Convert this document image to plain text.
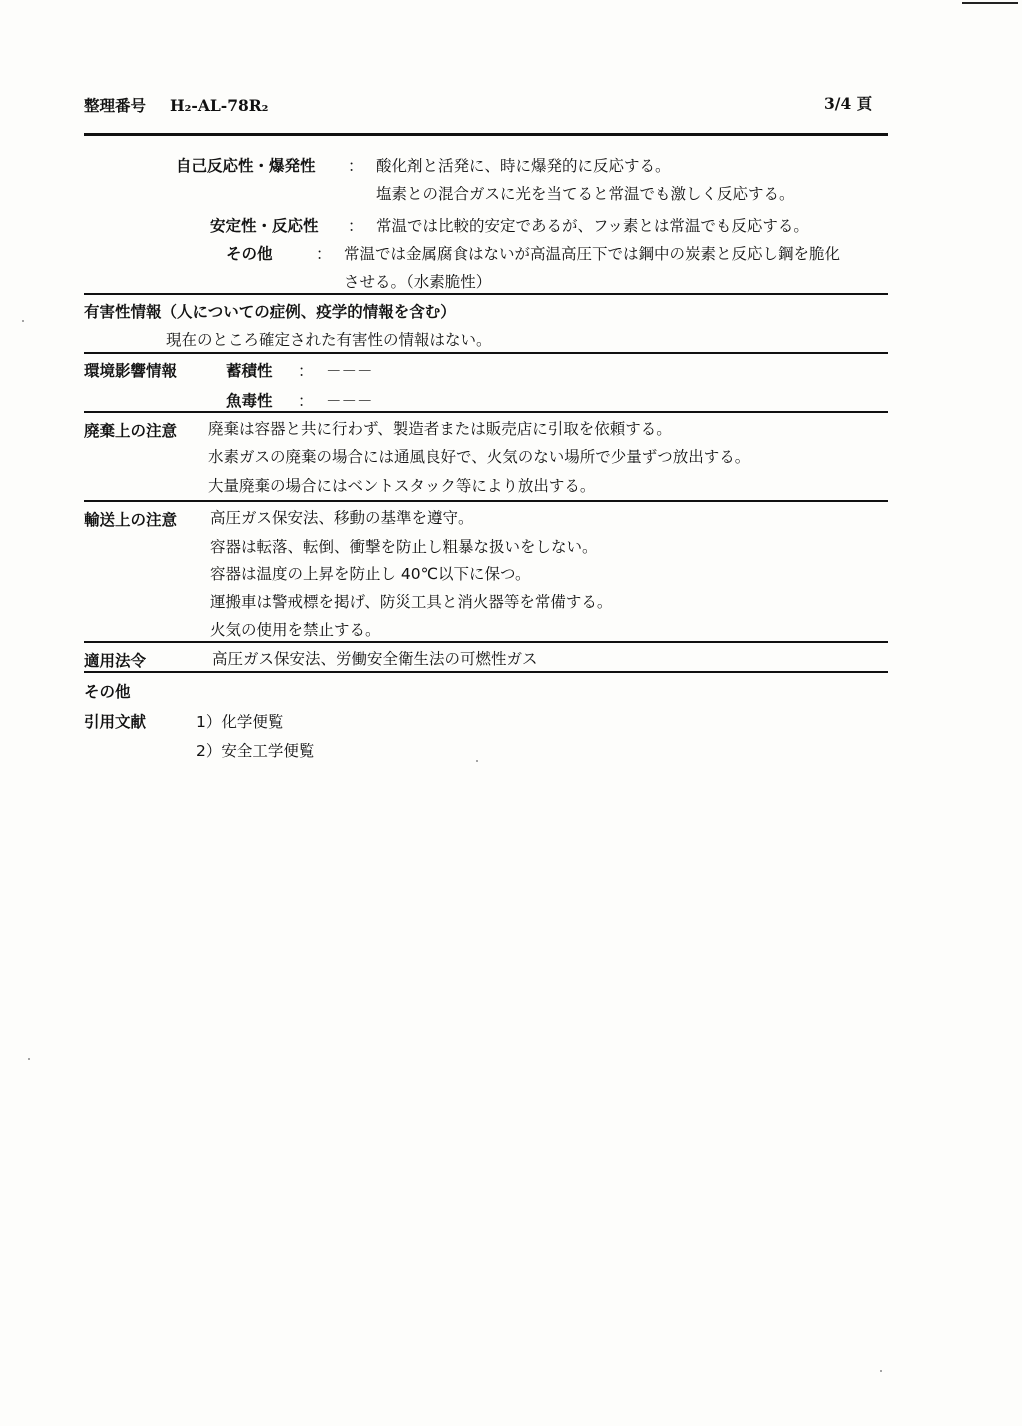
整理番号 H₂-AL-78R₂	3/4 頁
自己反応性・爆発性 ： 酸化剤と活発に、時に爆発的に反応する。
塩素との混合ガスに光を当てると常温でも激しく反応する。
安定性・反応性 ： 常温では比較的安定であるが、フッ素とは常温でも反応する。
その他	： 常温では金属腐食はないが高温高圧下では鋼中の炭素と反応し鋼を脆化
させる。（水素脆性）
有害性情報（人についての症例、疫学的情報を含む）
現在のところ確定された有害性の情報はない。
環境影響情報	蓄積性 ： －－－
魚毒性 ： －－－
廃棄上の注意 廃棄は容器と共に行わず、製造者または販売店に引取を依頼する。
水素ガスの廃棄の場合には通風良好で、火気のない場所で少量ずつ放出する。
大量廃棄の場合にはベントスタック等により放出する。
輸送上の注意 高圧ガス保安法、移動の基準を遵守。
容器は転落、転倒、衝撃を防止し粗暴な扱いをしない。
容器は温度の上昇を防止し 40℃以下に保つ。
運搬車は警戒標を掲げ、防災工具と消火器等を常備する。
火気の使用を禁止する。
適用法令	高圧ガス保安法、労働安全衛生法の可燃性ガス
その他
引用文献	1）化学便覧
2）安全工学便覧
